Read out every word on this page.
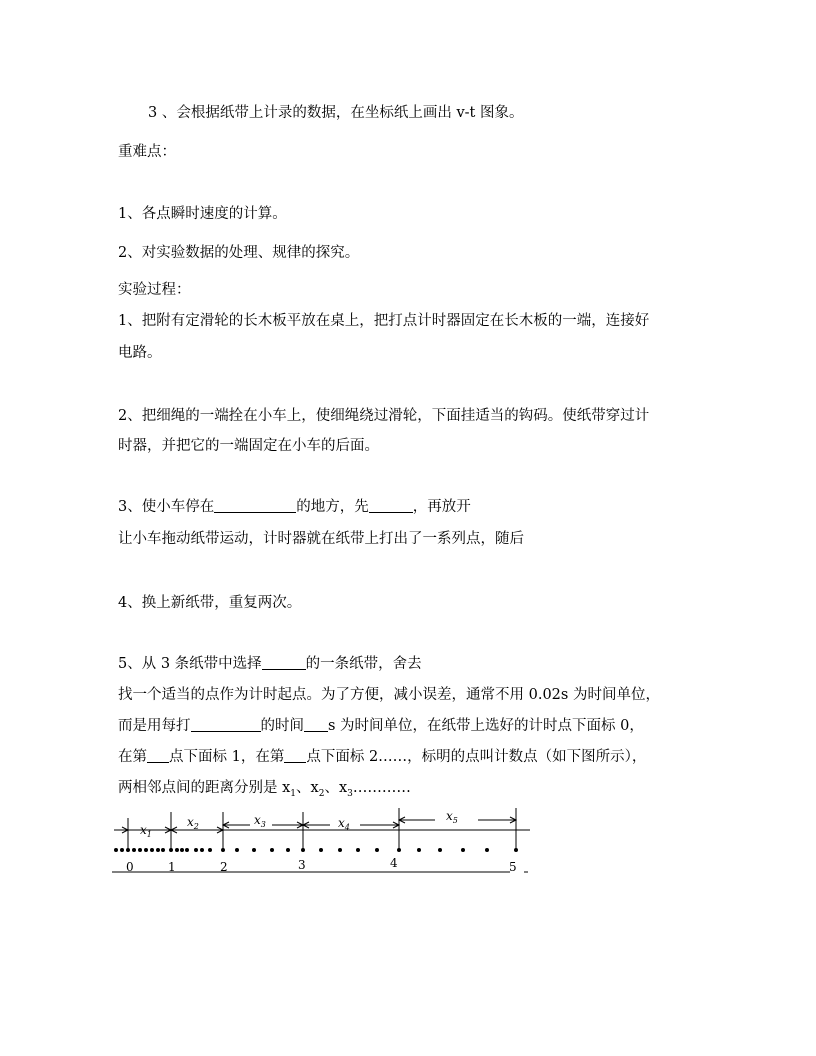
3 、会根据纸带上计录的数据，在坐标纸上画出 v-t 图象。
重难点：
1、各点瞬时速度的计算。
2、对实验数据的处理、规律的探究。
实验过程：
1、把附有定滑轮的长木板平放在桌上，把打点计时器固定在长木板的一端，连接好
电路。
2、把细绳的一端拴在小车上，使细绳绕过滑轮，下面挂适当的钩码。使纸带穿过计
时器，并把它的一端固定在小车的后面。
3、使小车停在	的地方，先	，再放开
让小车拖动纸带运动，计时器就在纸带上打出了一系列点，随后
4、换上新纸带，重复两次。
5、从 3 条纸带中选择	的一条纸带，舍去
找一个适当的点作为计时起点。为了方便，减小误差，通常不用 0.02s 为时间单位，
而是用每打	的时间 s 为时间单位，在纸带上选好的计时点下面标 0，
在第 点下面标 1，在第 点下面标 2……，标明的点叫计数点（如下图所示），
两相邻点间的距离分别是 $x_1$、$x_2$、$x_3\dots\dots\dots\dots$
$x_1$
$x_2$	$x_3$	$x_4$
$x_5$
0	1	2	3	4	5
